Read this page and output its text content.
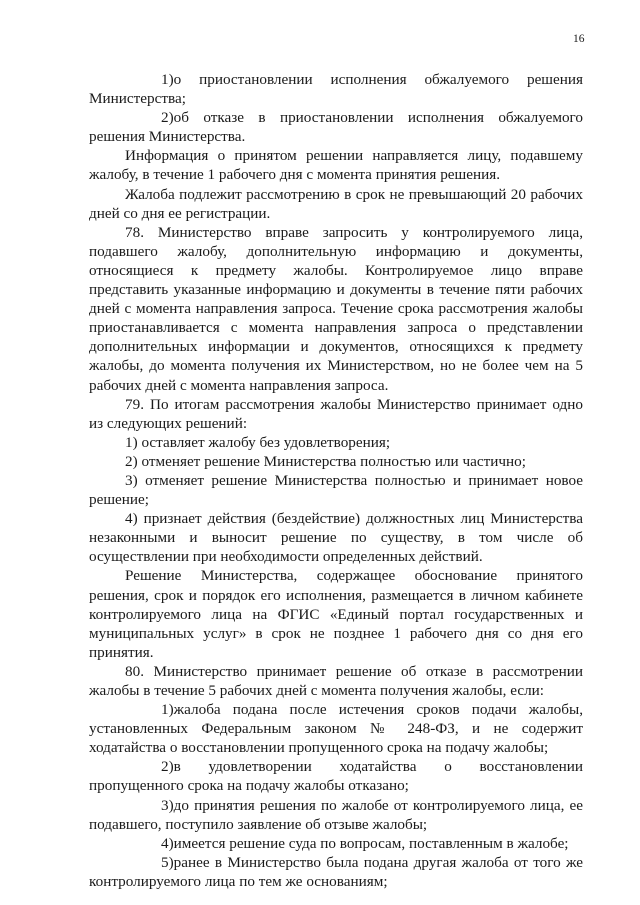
16

1)о приостановлении исполнения обжалуемого решения Министерства;

2)об отказе в приостановлении исполнения обжалуемого решения Министерства.

Информация о принятом решении направляется лицу, подавшему жалобу, в течение 1 рабочего дня с момента принятия решения.

Жалоба подлежит рассмотрению в срок не превышающий 20 рабочих дней со дня ее регистрации.

78. Министерство вправе запросить у контролируемого лица, подавшего жалобу, дополнительную информацию и документы, относящиеся к предмету жалобы. Контролируемое лицо вправе представить указанные информацию и документы в течение пяти рабочих дней с момента направления запроса. Течение срока рассмотрения жалобы приостанавливается с момента направления запроса о представлении дополнительных информации и документов, относящихся к предмету жалобы, до момента получения их Министерством, но не более чем на 5 рабочих дней с момента направления запроса.

79. По итогам рассмотрения жалобы Министерство принимает одно из следующих решений:

1) оставляет жалобу без удовлетворения;

2) отменяет решение Министерства полностью или частично;

3) отменяет решение Министерства полностью и принимает новое решение;

4) признает действия (бездействие) должностных лиц Министерства незаконными и выносит решение по существу, в том числе об осуществлении при необходимости определенных действий.

Решение Министерства, содержащее обоснование принятого решения, срок и порядок его исполнения, размещается в личном кабинете контролируемого лица на ФГИС «Единый портал государственных и муниципальных услуг» в срок не позднее 1 рабочего дня со дня его принятия.

80. Министерство принимает решение об отказе в рассмотрении жалобы в течение 5 рабочих дней с момента получения жалобы, если:

1)жалоба подана после истечения сроков подачи жалобы, установленных Федеральным законом № 248-ФЗ, и не содержит ходатайства о восстановлении пропущенного срока на подачу жалобы;

2)в удовлетворении ходатайства о восстановлении пропущенного срока на подачу жалобы отказано;

3)до принятия решения по жалобе от контролируемого лица, ее подавшего, поступило заявление об отзыве жалобы;

4)имеется решение суда по вопросам, поставленным в жалобе;

5)ранее в Министерство была подана другая жалоба от того же контролируемого лица по тем же основаниям;
